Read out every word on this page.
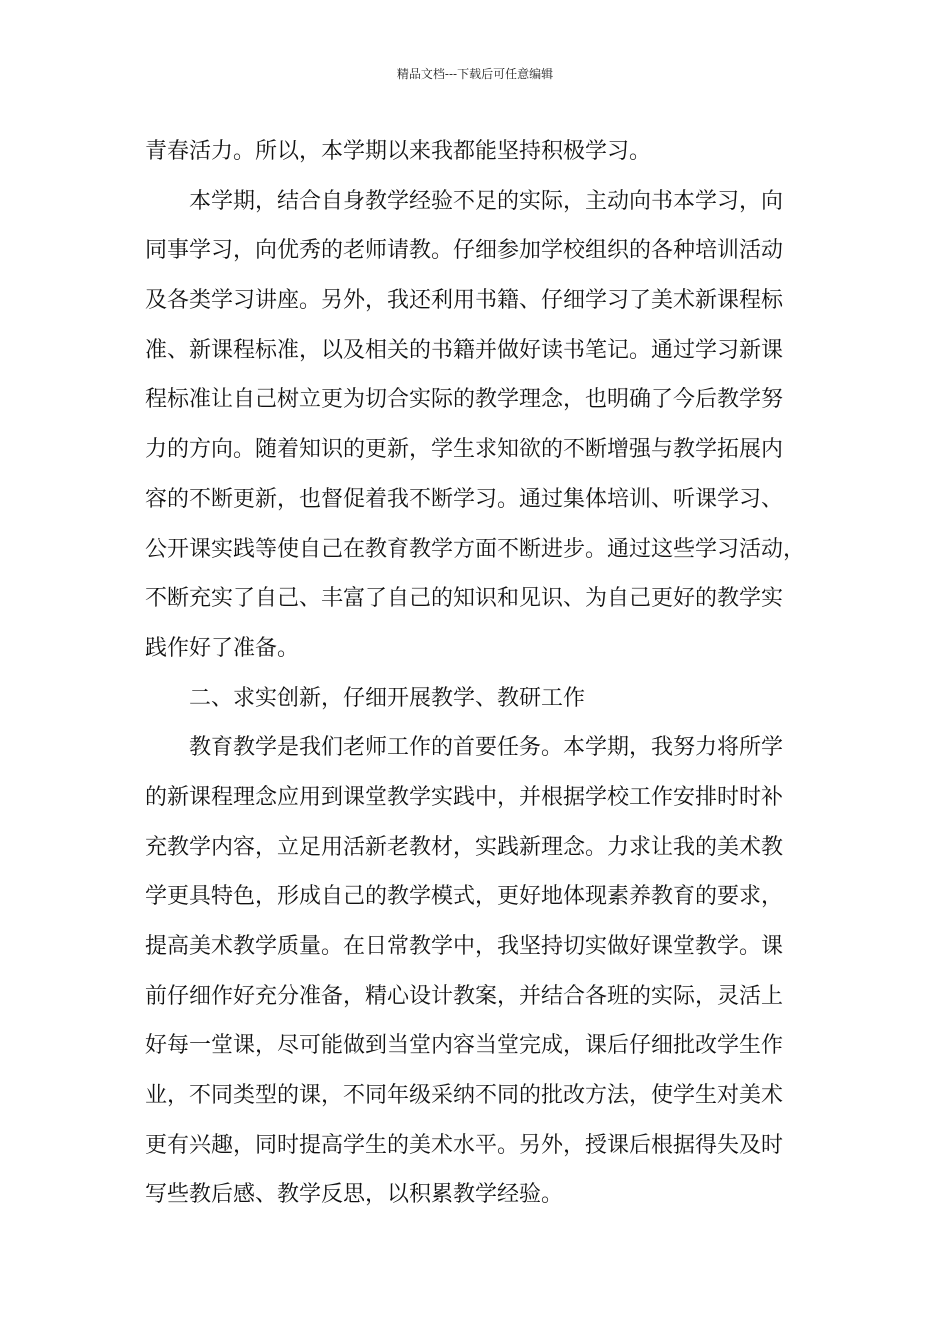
精品文档---下载后可任意编辑
青春活力。所以，本学期以来我都能坚持积极学习。
本学期，结合自身教学经验不足的实际，主动向书本学习，向
同事学习，向优秀的老师请教。仔细参加学校组织的各种培训活动
及各类学习讲座。另外，我还利用书籍、仔细学习了美术新课程标
准、新课程标准，以及相关的书籍并做好读书笔记。通过学习新课
程标准让自己树立更为切合实际的教学理念，也明确了今后教学努
力的方向。随着知识的更新，学生求知欲的不断增强与教学拓展内
容的不断更新，也督促着我不断学习。通过集体培训、听课学习、
公开课实践等使自己在教育教学方面不断进步。通过这些学习活动，
不断充实了自己、丰富了自己的知识和见识、为自己更好的教学实
践作好了准备。
二、求实创新，仔细开展教学、教研工作
教育教学是我们老师工作的首要任务。本学期，我努力将所学
的新课程理念应用到课堂教学实践中，并根据学校工作安排时时补
充教学内容，立足用活新老教材，实践新理念。力求让我的美术教
学更具特色，形成自己的教学模式，更好地体现素养教育的要求，
提高美术教学质量。在日常教学中，我坚持切实做好课堂教学。课
前仔细作好充分准备，精心设计教案，并结合各班的实际，灵活上
好每一堂课，尽可能做到当堂内容当堂完成，课后仔细批改学生作
业，不同类型的课，不同年级采纳不同的批改方法，使学生对美术
更有兴趣，同时提高学生的美术水平。另外，授课后根据得失及时
写些教后感、教学反思，以积累教学经验。
